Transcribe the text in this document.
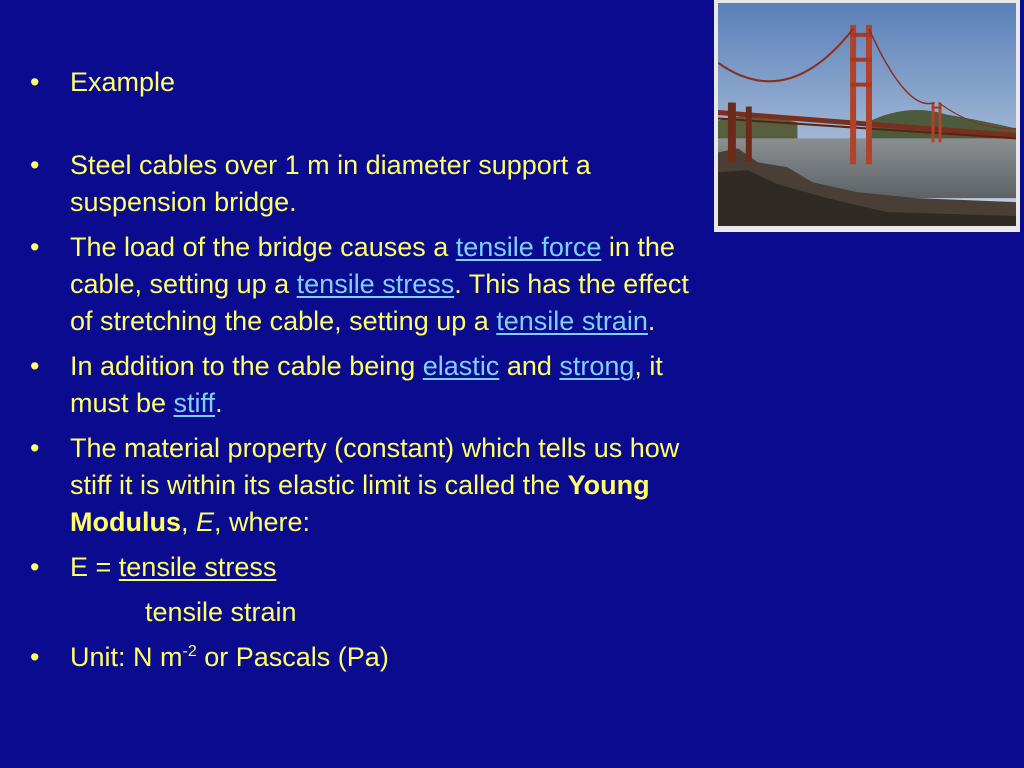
• Example
• Steel cables over 1 m in diameter support a suspension bridge.
• The load of the bridge causes a tensile force in the cable, setting up a tensile stress. This has the effect of stretching the cable, setting up a tensile strain.
• In addition to the cable being elastic and strong, it must be stiff.
• The material property (constant) which tells us how stiff it is within its elastic limit is called the Young Modulus, E, where:
• E = tensile stress
tensile strain
• Unit: N $m^{-2}$ or Pascals (Pa)
